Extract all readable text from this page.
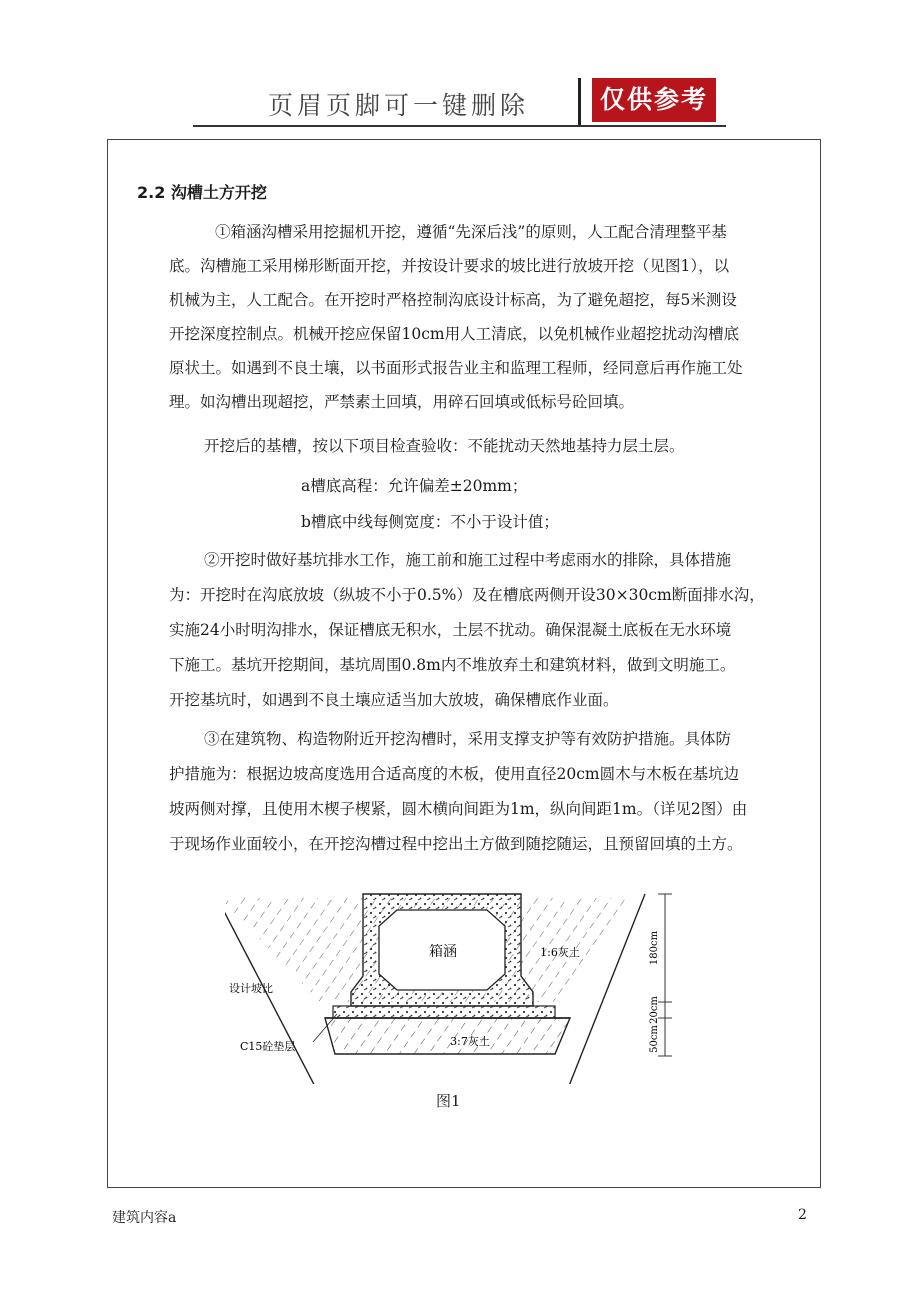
页眉页脚可一键删除	仅供参考
2.2 沟槽土方开挖
①箱涵沟槽采用挖掘机开挖，遵循“先深后浅”的原则，人工配合清理整平基
底。沟槽施工采用梯形断面开挖，并按设计要求的坡比进行放坡开挖（见图1），以
机械为主，人工配合。在开挖时严格控制沟底设计标高，为了避免超挖，每5米测设
开挖深度控制点。机械开挖应保留10cm用人工清底，以免机械作业超挖扰动沟槽底
原状土。如遇到不良土壤，以书面形式报告业主和监理工程师，经同意后再作施工处
理。如沟槽出现超挖，严禁素土回填，用碎石回填或低标号砼回填。
开挖后的基槽，按以下项目检查验收：不能扰动天然地基持力层土层。
a槽底高程：允许偏差±20mm；
b槽底中线每侧宽度：不小于设计值；
②开挖时做好基坑排水工作，施工前和施工过程中考虑雨水的排除，具体措施
为：开挖时在沟底放坡（纵坡不小于0.5%）及在槽底两侧开设30×30cm断面排水沟，
实施24小时明沟排水，保证槽底无积水，土层不扰动。确保混凝土底板在无水环境
下施工。基坑开挖期间，基坑周围0.8m内不堆放弃土和建筑材料，做到文明施工。
开挖基坑时，如遇到不良土壤应适当加大放坡，确保槽底作业面。
③在建筑物、构造物附近开挖沟槽时，采用支撑支护等有效防护措施。具体防
护措施为：根据边坡高度选用合适高度的木板，使用直径20cm圆木与木板在基坑边
坡两侧对撑，且使用木楔子楔紧，圆木横向间距为1m，纵向间距1m。（详见2图）由
于现场作业面较小，在开挖沟槽过程中挖出土方做到随挖随运，且预留回填的土方。
箱涵	1:6灰土
设计坡比
C15砼垫层	3:7灰土
180cm
20cm
50cm
图1
建筑内容a	2
